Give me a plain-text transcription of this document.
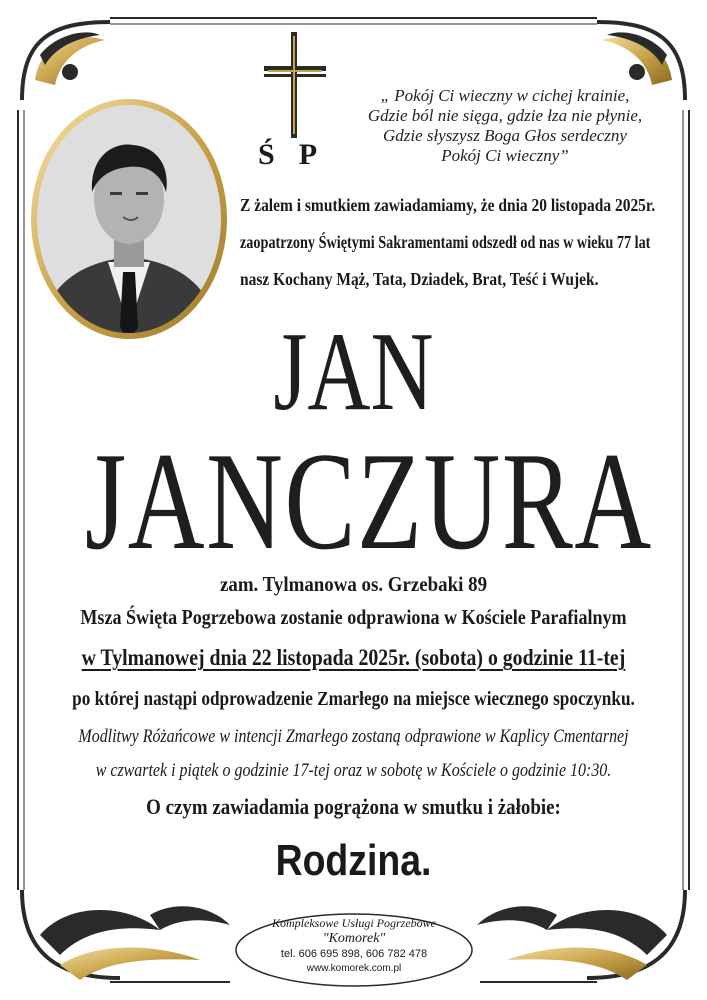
ŚP
„ Pokój Ci wieczny w cichej krainie,
Gdzie ból nie sięga, gdzie łza nie płynie,
Gdzie słyszysz Boga Głos serdeczny
Pokój Ci wieczny”
Z żalem i smutkiem zawiadamiamy, że dnia 20 listopada 2025r.
zaopatrzony Świętymi Sakramentami odszedł od nas w wieku 77 lat
nasz Kochany Mąż, Tata, Dziadek, Brat, Teść i Wujek.
JAN
JANCZURA
zam. Tylmanowa os. Grzebaki 89
Msza Święta Pogrzebowa zostanie odprawiona w Kościele Parafialnym
w Tylmanowej dnia 22 listopada 2025r. (sobota) o godzinie 11-tej
po której nastąpi odprowadzenie Zmarłego na miejsce wiecznego spoczynku.
Modlitwy Różańcowe w intencji Zmarłego zostaną odprawione w Kaplicy Cmentarnej
w czwartek i piątek o godzinie 17-tej oraz w sobotę w Kościele o godzinie 10:30.
O czym zawiadamia pogrążona w smutku i żałobie:
Rodzina.
Kompleksowe Usługi Pogrzebowe
"Komorek"
tel. 606 695 898, 606 782 478
www.komorek.com.pl
